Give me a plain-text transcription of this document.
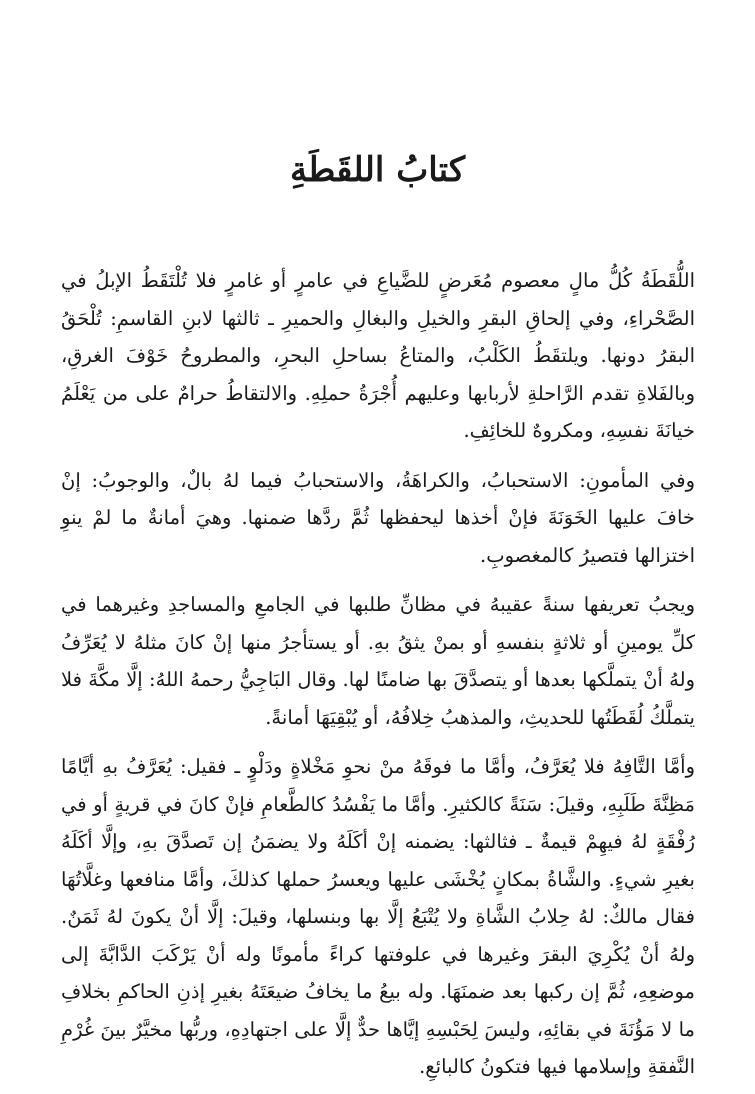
كتابُ اللقَطَةِ

اللُّقَطَةُ كُلُّ مالٍ معصوم مُعَرضٍ للضَّياعِ في عامرٍ أو غامرٍ فلا تُلْتَقَطُ الإبلُ في الصَّحْراءِ، وفي إلحاقِ البقرِ والخيلِ والبغالِ والحميرِ ـ ثالثها لابنِ القاسمِ: تُلْحَقُ البقرُ دونها. ويلتقَطُ الكَلْبُ، والمتاعُ بساحلِ البحرِ، والمطروحُ خَوْفَ الغرقِ، وبالفَلاةِ تقدم الرَّاحلةِ لأربابها وعليهم أُجْرَةُ حملِهِ. والالتقاطُ حرامٌ على من يَعْلَمُ خيانَةَ نفسِهِ، ومكروهٌ للخائِفِ.

وفي المأمونِ: الاستحبابُ، والكراهَةُ، والاستحبابُ فيما لهُ بالٌ، والوجوبُ: إنْ خافَ عليها الخَوَنَةَ فإنْ أخذها ليحفظها ثُمَّ ردَّها ضمنها. وهيَ أمانةٌ ما لمْ ينوِ اختزالها فتصيرُ كالمغصوبِ.

ويجبُ تعريفها سنةً عقيبهُ في مظانِّ طلبها في الجامعِ والمساجدِ وغيرهما في كلِّ يومينِ أو ثلاثةٍ بنفسهِ أو بمنْ يثقُ بهِ. أو يستأجرُ منها إنْ كانَ مثلهُ لا يُعَرِّفُ ولهُ أنْ يتملَّكها بعدها أو يتصدَّقَ بها ضامنًا لها. وقال البَاجِيُّ رحمهُ اللهُ: إلَّا مكَّةَ فلا يتملَّكُ لُقَطَتُها للحديثِ، والمذهبُ خِلافُهُ، أو يُبْقِيَهَا أمانةً.

وأمَّا التَّافِهُ فلا يُعَرَّفُ، وأمَّا ما فوقَهُ منْ نحوِ مَخْلاةٍ ودَلْوٍ ـ فقيل: يُعَرَّفُ بهِ أيَّامًا مَظِنَّةَ طَلَبِهِ، وقيلَ: سَنَةً كالكثيرِ. وأمَّا ما يَفْسُدُ كالطَّعامِ فإنْ كانَ في قريةٍ أو في رُفْقَةٍ لهُ فيهِمْ قيمةٌ ـ فثالثها: يضمنه إنْ أكَلَهُ ولا يضمَنُ إن تَصدَّقَ بهِ، وإلَّا أكَلَهُ بغيرِ شيءٍ. والشَّاةُ بمكانٍ يُخْشَى عليها ويعسرُ حملها كذلكَ، وأمَّا منافعها وغلَّاتُهَا فقال مالكٌ: لهُ حِلابُ الشَّاةِ ولا يُتْبَعُ إلَّا بها وبنسلها، وقيلَ: إلَّا أنْ يكونَ لهُ ثَمَنٌ. ولهُ أنْ يُكْرِيَ البقرَ وغيرها في علوفتها كراءً مأمونًا وله أنْ يَرْكَبَ الدَّابَّةَ إلى موضعِهِ، ثُمَّ إن ركبها بعد ضمنَهَا. وله بيعُ ما يخافُ ضيعَتَهُ بغيرِ إذنِ الحاكمِ بخلافِ ما لا مَؤُنَةَ في بقائِهِ، وليسَ لِحَبْسِهِ إيَّاها حدٌّ إلَّا على اجتهادِهِ، وربُّها مخيَّرٌ بينَ غُرْمِ النَّفقةِ وإسلامها فيها فتكونُ كالبائعِ.
